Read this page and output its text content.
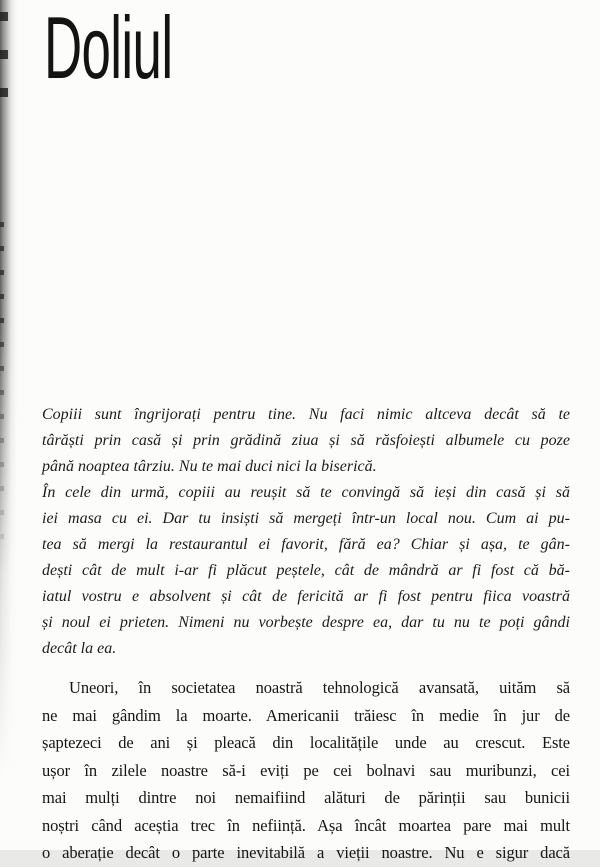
Doliul
Copiii sunt îngrijorați pentru tine. Nu faci nimic altceva decât să te
târăști prin casă și prin grădină ziua și să răsfoiești albumele cu poze
până noaptea târziu. Nu te mai duci nici la biserică.
În cele din urmă, copiii au reușit să te convingă să ieși din casă și să
iei masa cu ei. Dar tu insiști să mergeți într-un local nou. Cum ai pu-
tea să mergi la restaurantul ei favorit, fără ea? Chiar și așa, te gân-
dești cât de mult i-ar fi plăcut peștele, cât de mândră ar fi fost că bă-
iatul vostru e absolvent și cât de fericită ar fi fost pentru fiica voastră
și noul ei prieten. Nimeni nu vorbește despre ea, dar tu nu te poți gândi
decât la ea.
Uneori, în societatea noastră tehnologică avansată, uităm să
ne mai gândim la moarte. Americanii trăiesc în medie în jur de
șaptezeci de ani și pleacă din localitățile unde au crescut. Este
ușor în zilele noastre să-i eviți pe cei bolnavi sau muribunzi, cei
mai mulți dintre noi nemaifiind alături de părinții sau bunicii
noștri când aceștia trec în neființă. Așa încât moartea pare mai mult
o aberație decât o parte inevitabilă a vieții noastre. Nu e sigur dacă
